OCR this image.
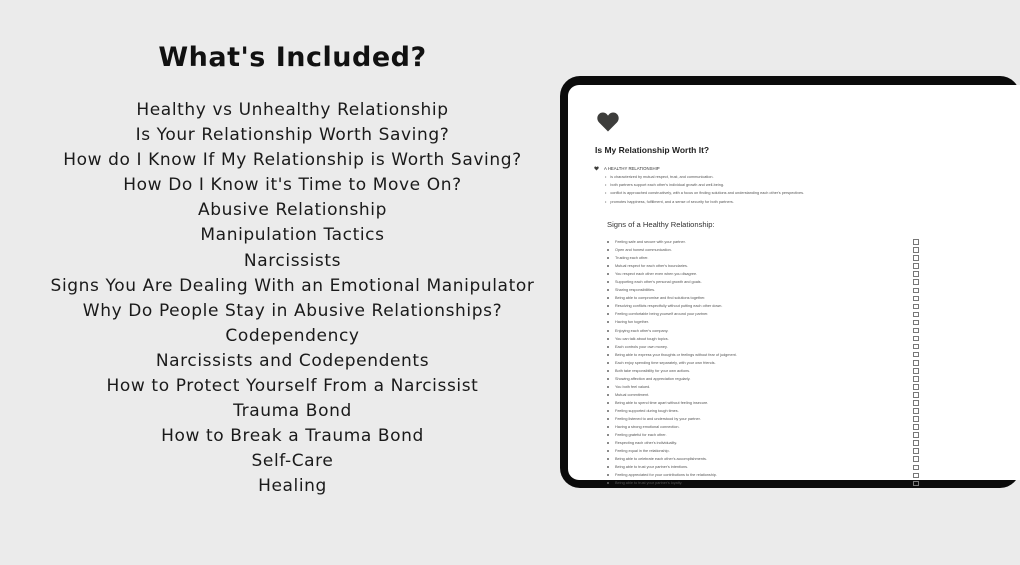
What's Included?
Healthy vs Unhealthy Relationship
Is Your Relationship Worth Saving?
How do I Know If My Relationship is Worth Saving?
How Do I Know it's Time to Move On?
Abusive Relationship
Manipulation Tactics
Narcissists
Signs You Are Dealing With an Emotional Manipulator
Why Do People Stay in Abusive Relationships?
Codependency
Narcissists and Codependents
How to Protect Yourself From a Narcissist
Trauma Bond
How to Break a Trauma Bond
Self-Care
Healing
Is My Relationship Worth It?
A HEALTHY RELATIONSHIP
• is characterized by mutual respect, trust, and communication.
• both partners support each other's individual growth and well-being.
• conflict is approached constructively, with a focus on finding solutions and understanding each other's perspectives.
• promotes happiness, fulfillment, and a sense of security for both partners.
Signs of a Healthy Relationship:
Feeling safe and secure with your partner.
Open and honest communication.
Trusting each other.
Mutual respect for each other's boundaries.
You respect each other even when you disagree.
Supporting each other's personal growth and goals.
Sharing responsibilities.
Being able to compromise and find solutions together.
Resolving conflicts respectfully without putting each other down.
Feeling comfortable being yourself around your partner.
Having fun together.
Enjoying each other's company.
You can talk about tough topics.
Each controls your own money.
Being able to express your thoughts or feelings without fear of judgment.
Each enjoy spending time separately, with your own friends.
Both take responsibility for your own actions.
Showing affection and appreciation regularly.
You both feel valued.
Mutual commitment.
Being able to spend time apart without feeling insecure.
Feeling supported during tough times.
Feeling listened to and understood by your partner.
Having a strong emotional connection.
Feeling grateful for each other.
Respecting each other's individuality.
Feeling equal in the relationship.
Being able to celebrate each other's accomplishments.
Being able to trust your partner's intentions.
Feeling appreciated for your contributions to the relationship.
Being able to trust your partner's loyalty.
